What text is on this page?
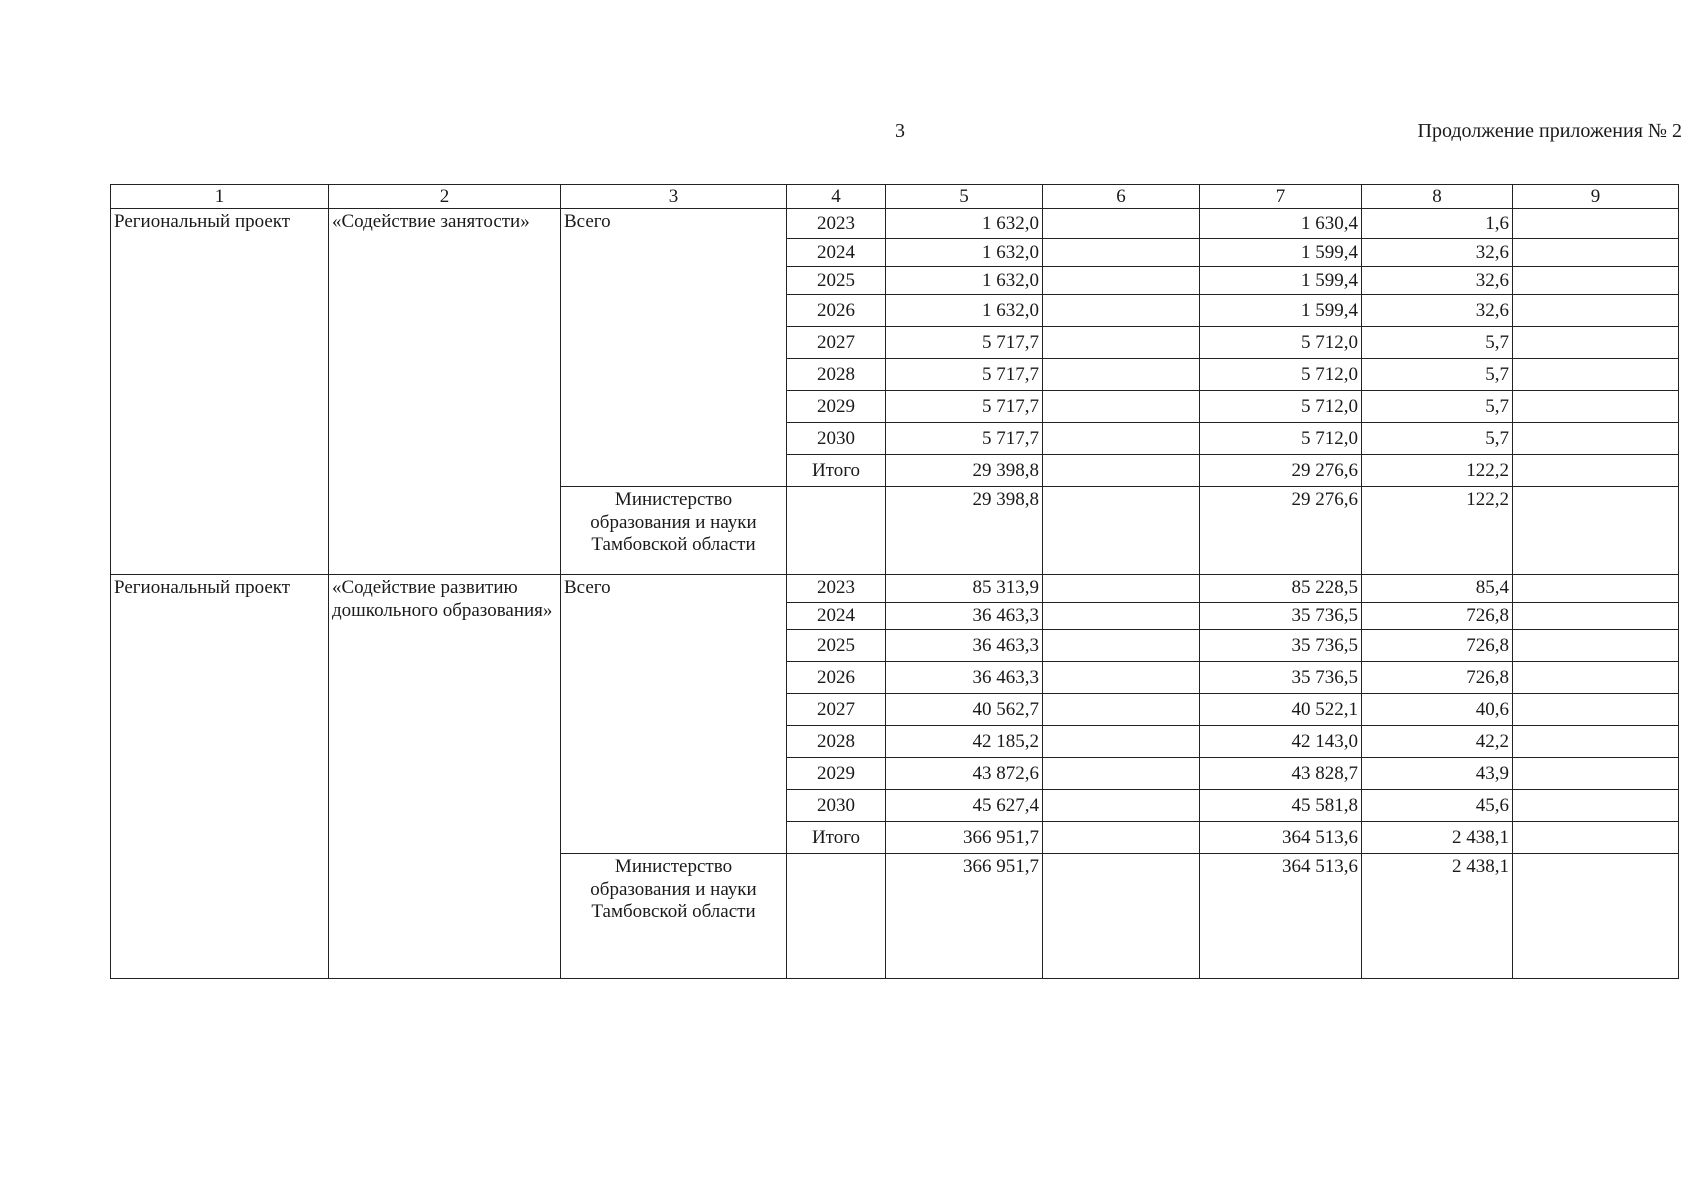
3	Продолжение приложения № 2
1	2	3	4	5	6	7	8	9
Региональный проект	«Содействие занятости»	Всего	2023	1 632,0		1 630,4	1,6	
			2024	1 632,0		1 599,4	32,6	
			2025	1 632,0		1 599,4	32,6	
			2026	1 632,0		1 599,4	32,6	
			2027	5 717,7		5 712,0	5,7	
			2028	5 717,7		5 712,0	5,7	
			2029	5 717,7		5 712,0	5,7	
			2030	5 717,7		5 712,0	5,7	
			Итого	29 398,8		29 276,6	122,2	
		Министерство образования и науки Тамбовской области		29 398,8		29 276,6	122,2	
Региональный проект	«Содействие развитию дошкольного образования»	Всего	2023	85 313,9		85 228,5	85,4	
			2024	36 463,3		35 736,5	726,8	
			2025	36 463,3		35 736,5	726,8	
			2026	36 463,3		35 736,5	726,8	
			2027	40 562,7		40 522,1	40,6	
			2028	42 185,2		42 143,0	42,2	
			2029	43 872,6		43 828,7	43,9	
			2030	45 627,4		45 581,8	45,6	
			Итого	366 951,7		364 513,6	2 438,1	
		Министерство образования и науки Тамбовской области		366 951,7		364 513,6	2 438,1	
